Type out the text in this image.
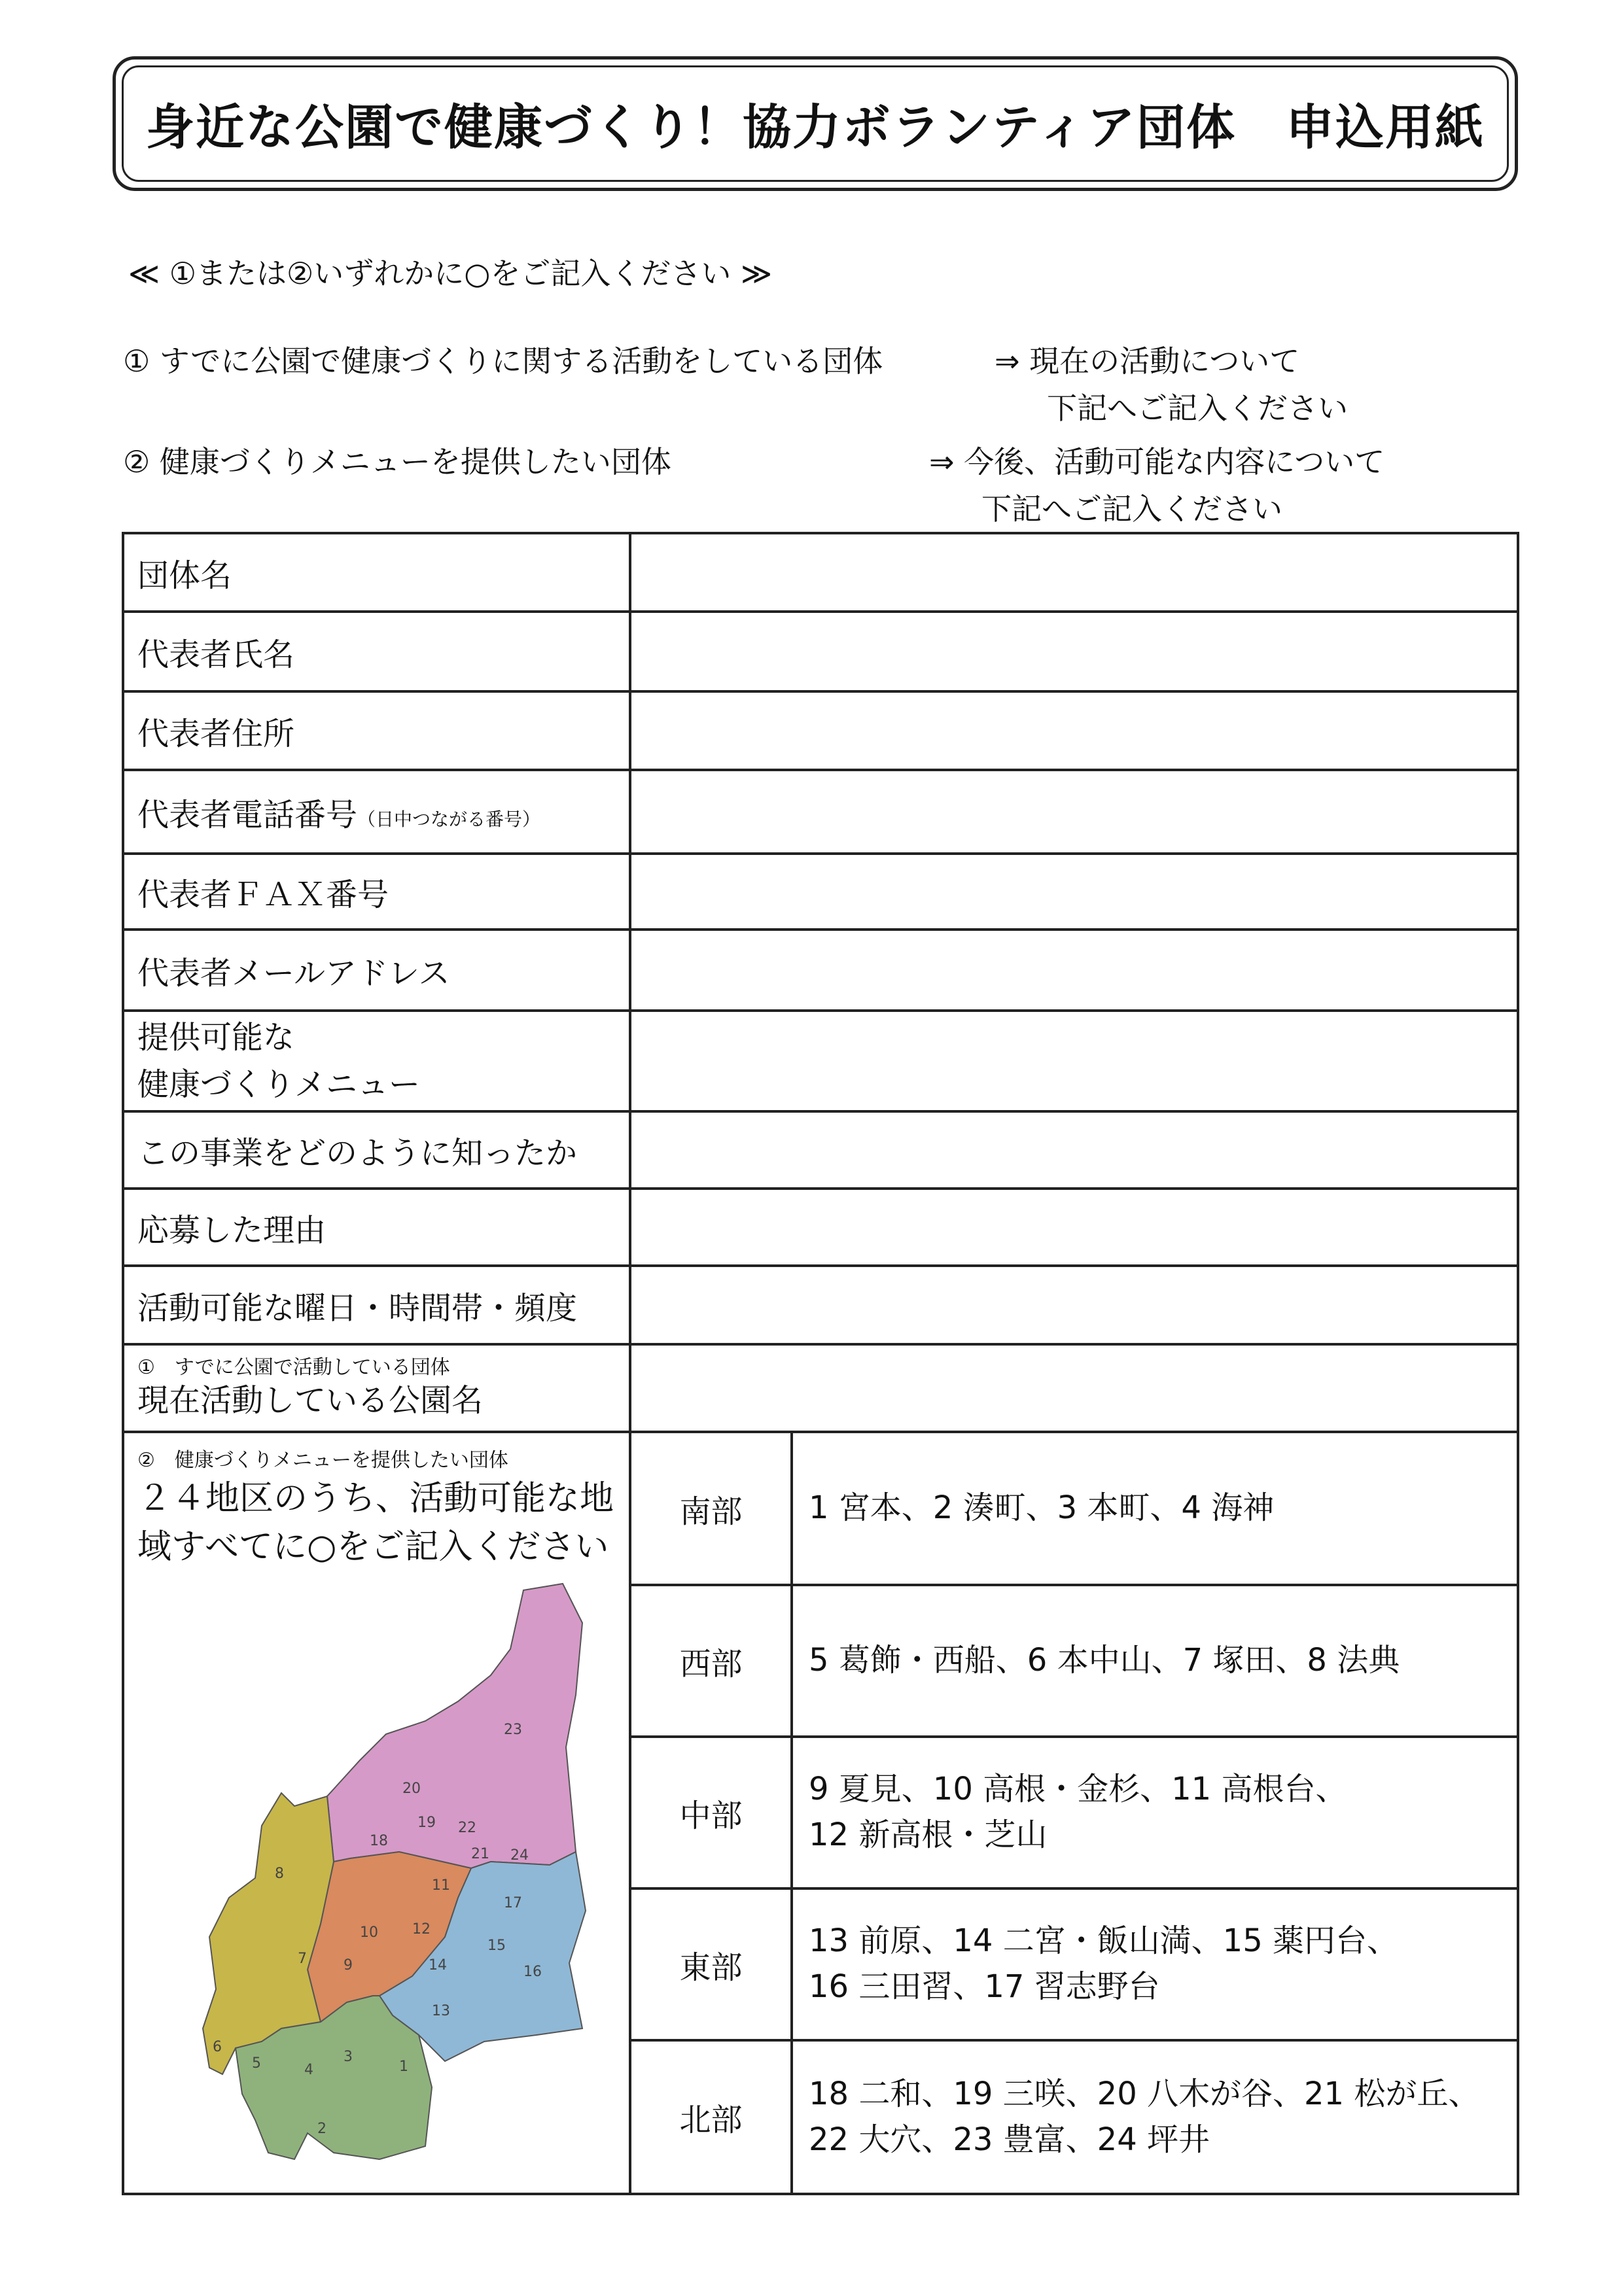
身近な公園で健康づくり！協力ボランティア団体　申込用紙
≪ ①または②いずれかに○をご記入ください ≫
① すでに公園で健康づくりに関する活動をしている団体	⇒ 現在の活動について
下記へご記入ください
② 健康づくりメニューを提供したい団体	⇒ 今後、活動可能な内容について
下記へご記入ください
団体名	
代表者氏名	
代表者住所	
代表者電話番号（日中つながる番号）	
代表者ＦＡＸ番号	
代表者メールアドレス	

提供可能な
健康づくりメニュー

この事業をどのように知ったか	
応募した理由	
活動可能な曜日・時間帯・頻度	

①　すでに公園で活動している団体
現在活動している公園名

②　健康づくりメニューを提供したい団体
２４地区のうち、活動可能な地
域すべてに○をご記入ください
1
2
3
4
5
6
7
8
9
10
11
12
13
14
15
16
17
18
19
20
21
22
23
24

南部	1 宮本、2 湊町、3 本町、4 海神

西部	5 葛飾・西船、6 本中山、7 塚田、8 法典

中部	
9 夏見、10 高根・金杉、11 高根台、
12 新高根・芝山

東部	
13 前原、14 二宮・飯山満、15 薬円台、
16 三田習、17 習志野台

北部	
18 二和、19 三咲、20 八木が谷、21 松が丘、
22 大穴、23 豊富、24 坪井
